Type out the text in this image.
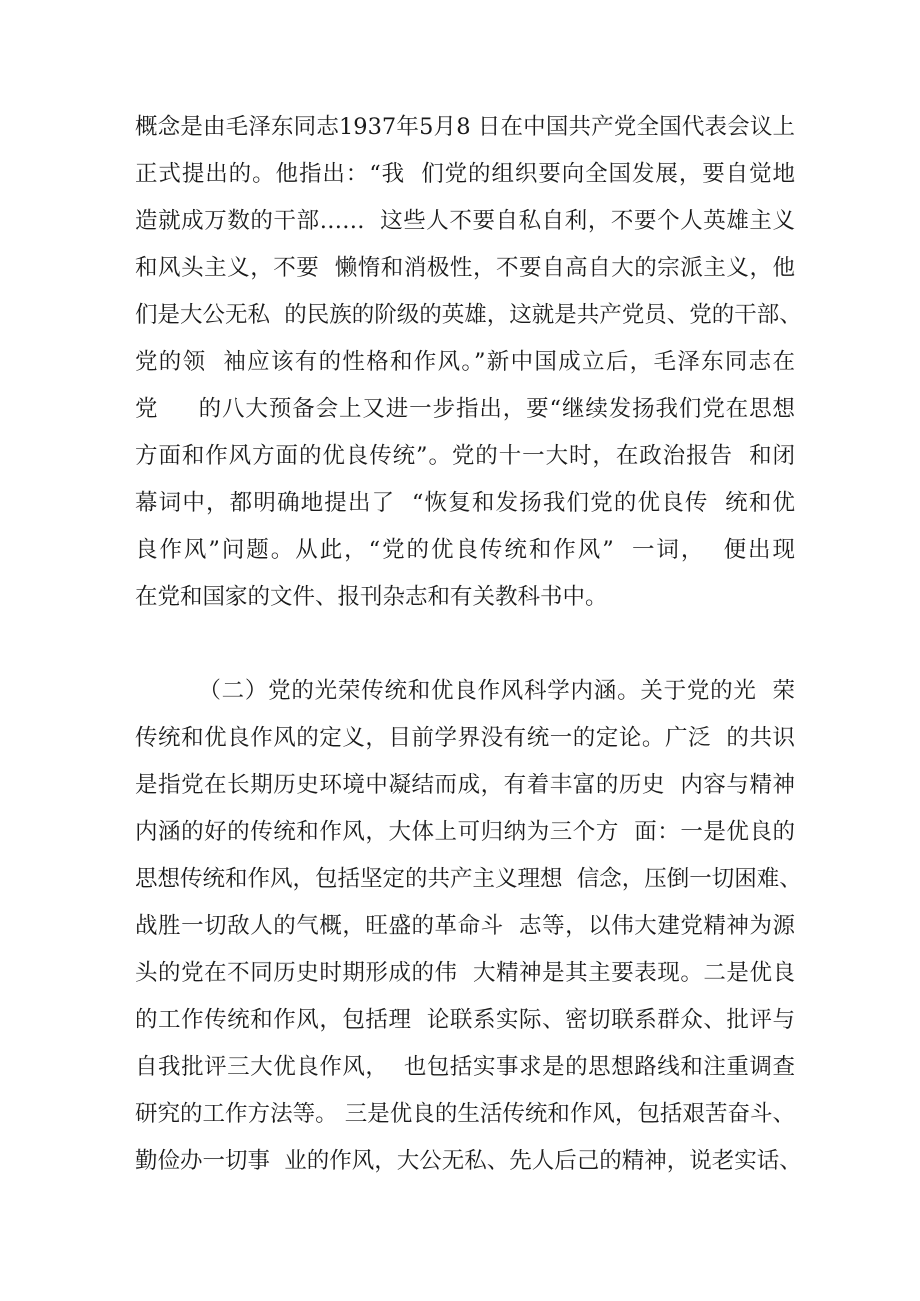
概念是由毛泽东同志1937年5月8 日在中国共产党全国代表会议上
正式提出的。他指出：“我  们党的组织要向全国发展，要自觉地
造就成万数的干部……  这些人不要自私自利，不要个人英雄主义
和风头主义，不要  懒惰和消极性，不要自高自大的宗派主义，他
们是大公无私  的民族的阶级的英雄，这就是共产党员、党的干部、
党的领  袖应该有的性格和作风。”新中国成立后，毛泽东同志在
党     的八大预备会上又进一步指出，要“继续发扬我们党在思想
方面和作风方面的优良传统”。党的十一大时，在政治报告  和闭
幕词中，都明确地提出了  “恢复和发扬我们党的优良传  统和优
良作风”问题。从此，“党的优良传统和作风”  一词，  便出现
在党和国家的文件、报刊杂志和有关教科书中。
（二）党的光荣传统和优良作风科学内涵。关于党的光  荣
传统和优良作风的定义，目前学界没有统一的定论。广泛  的共识
是指党在长期历史环境中凝结而成，有着丰富的历史  内容与精神
内涵的好的传统和作风，大体上可归纳为三个方  面：一是优良的
思想传统和作风，包括坚定的共产主义理想  信念，压倒一切困难、
战胜一切敌人的气概，旺盛的革命斗  志等，以伟大建党精神为源
头的党在不同历史时期形成的伟  大精神是其主要表现。二是优良
的工作传统和作风，包括理  论联系实际、密切联系群众、批评与
自我批评三大优良作风，  也包括实事求是的思想路线和注重调查
研究的工作方法等。 三是优良的生活传统和作风，包括艰苦奋斗、
勤俭办一切事  业的作风，大公无私、先人后己的精神，说老实话、
